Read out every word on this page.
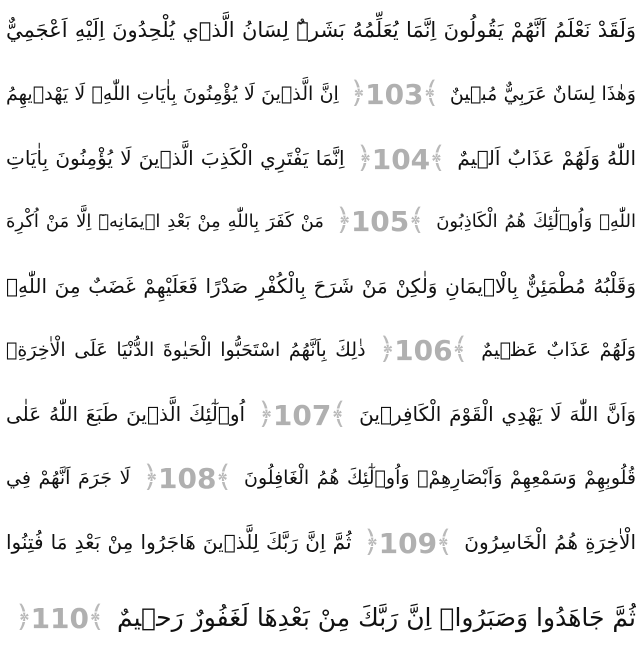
وَلَقَدْ نَعْلَمُ اَنَّهُمْ يَقُولُونَ اِنَّمَا يُعَلِّمُهُ بَشَرٌۜ لِسَانُ الَّذ۪ي يُلْحِدُونَ اِلَيْهِ اَعْجَمِيٌّ
وَهٰذَا لِسَانٌ عَرَبِيٌّ مُب۪ينٌ
﴿
103
﴾
اِنَّ الَّذ۪ينَ لَا يُؤْمِنُونَ بِاٰيَاتِ اللّٰهِۙ لَا يَهْد۪يهِمُ
اللّٰهُ وَلَهُمْ عَذَابٌ اَل۪يمٌ
﴿
104
﴾
اِنَّمَا يَفْتَرِي الْكَذِبَ الَّذ۪ينَ لَا يُؤْمِنُونَ بِاٰيَاتِ
اللّٰهِۚ وَاُو۬لٰٓئِكَ هُمُ الْكَاذِبُونَ
﴿
105
﴾
مَنْ كَفَرَ بِاللّٰهِ مِنْ بَعْدِ ا۪يمَانِه۪ٓ اِلَّا مَنْ اُكْرِهَ
وَقَلْبُهُ مُطْمَئِنٌّ بِالْا۪يمَانِ وَلٰكِنْ مَنْ شَرَحَ بِالْكُفْرِ صَدْرًا فَعَلَيْهِمْ غَضَبٌ مِنَ اللّٰهِۚ
وَلَهُمْ عَذَابٌ عَظ۪يمٌ
﴿
106
﴾
ذٰلِكَ بِاَنَّهُمُ اسْتَحَبُّوا الْحَيٰوةَ الدُّنْيَا عَلَى الْاٰخِرَةِۙ
وَاَنَّ اللّٰهَ لَا يَهْدِي الْقَوْمَ الْكَافِر۪ينَ
﴿
107
﴾
اُو۬لٰٓئِكَ الَّذ۪ينَ طَبَعَ اللّٰهُ عَلٰى
قُلُوبِهِمْ وَسَمْعِهِمْ وَاَبْصَارِهِمْۚ وَاُو۬لٰٓئِكَ هُمُ الْغَافِلُونَ
﴿
108
﴾
لَا جَرَمَ اَنَّهُمْ فِي
الْاٰخِرَةِ هُمُ الْخَاسِرُونَ
﴿
109
﴾
ثُمَّ اِنَّ رَبَّكَ لِلَّذ۪ينَ هَاجَرُوا مِنْ بَعْدِ مَا فُتِنُوا
ثُمَّ جَاهَدُوا وَصَبَرُواۙ اِنَّ رَبَّكَ مِنْ بَعْدِهَا لَغَفُورٌ رَح۪يمٌ
﴿
110
﴾
